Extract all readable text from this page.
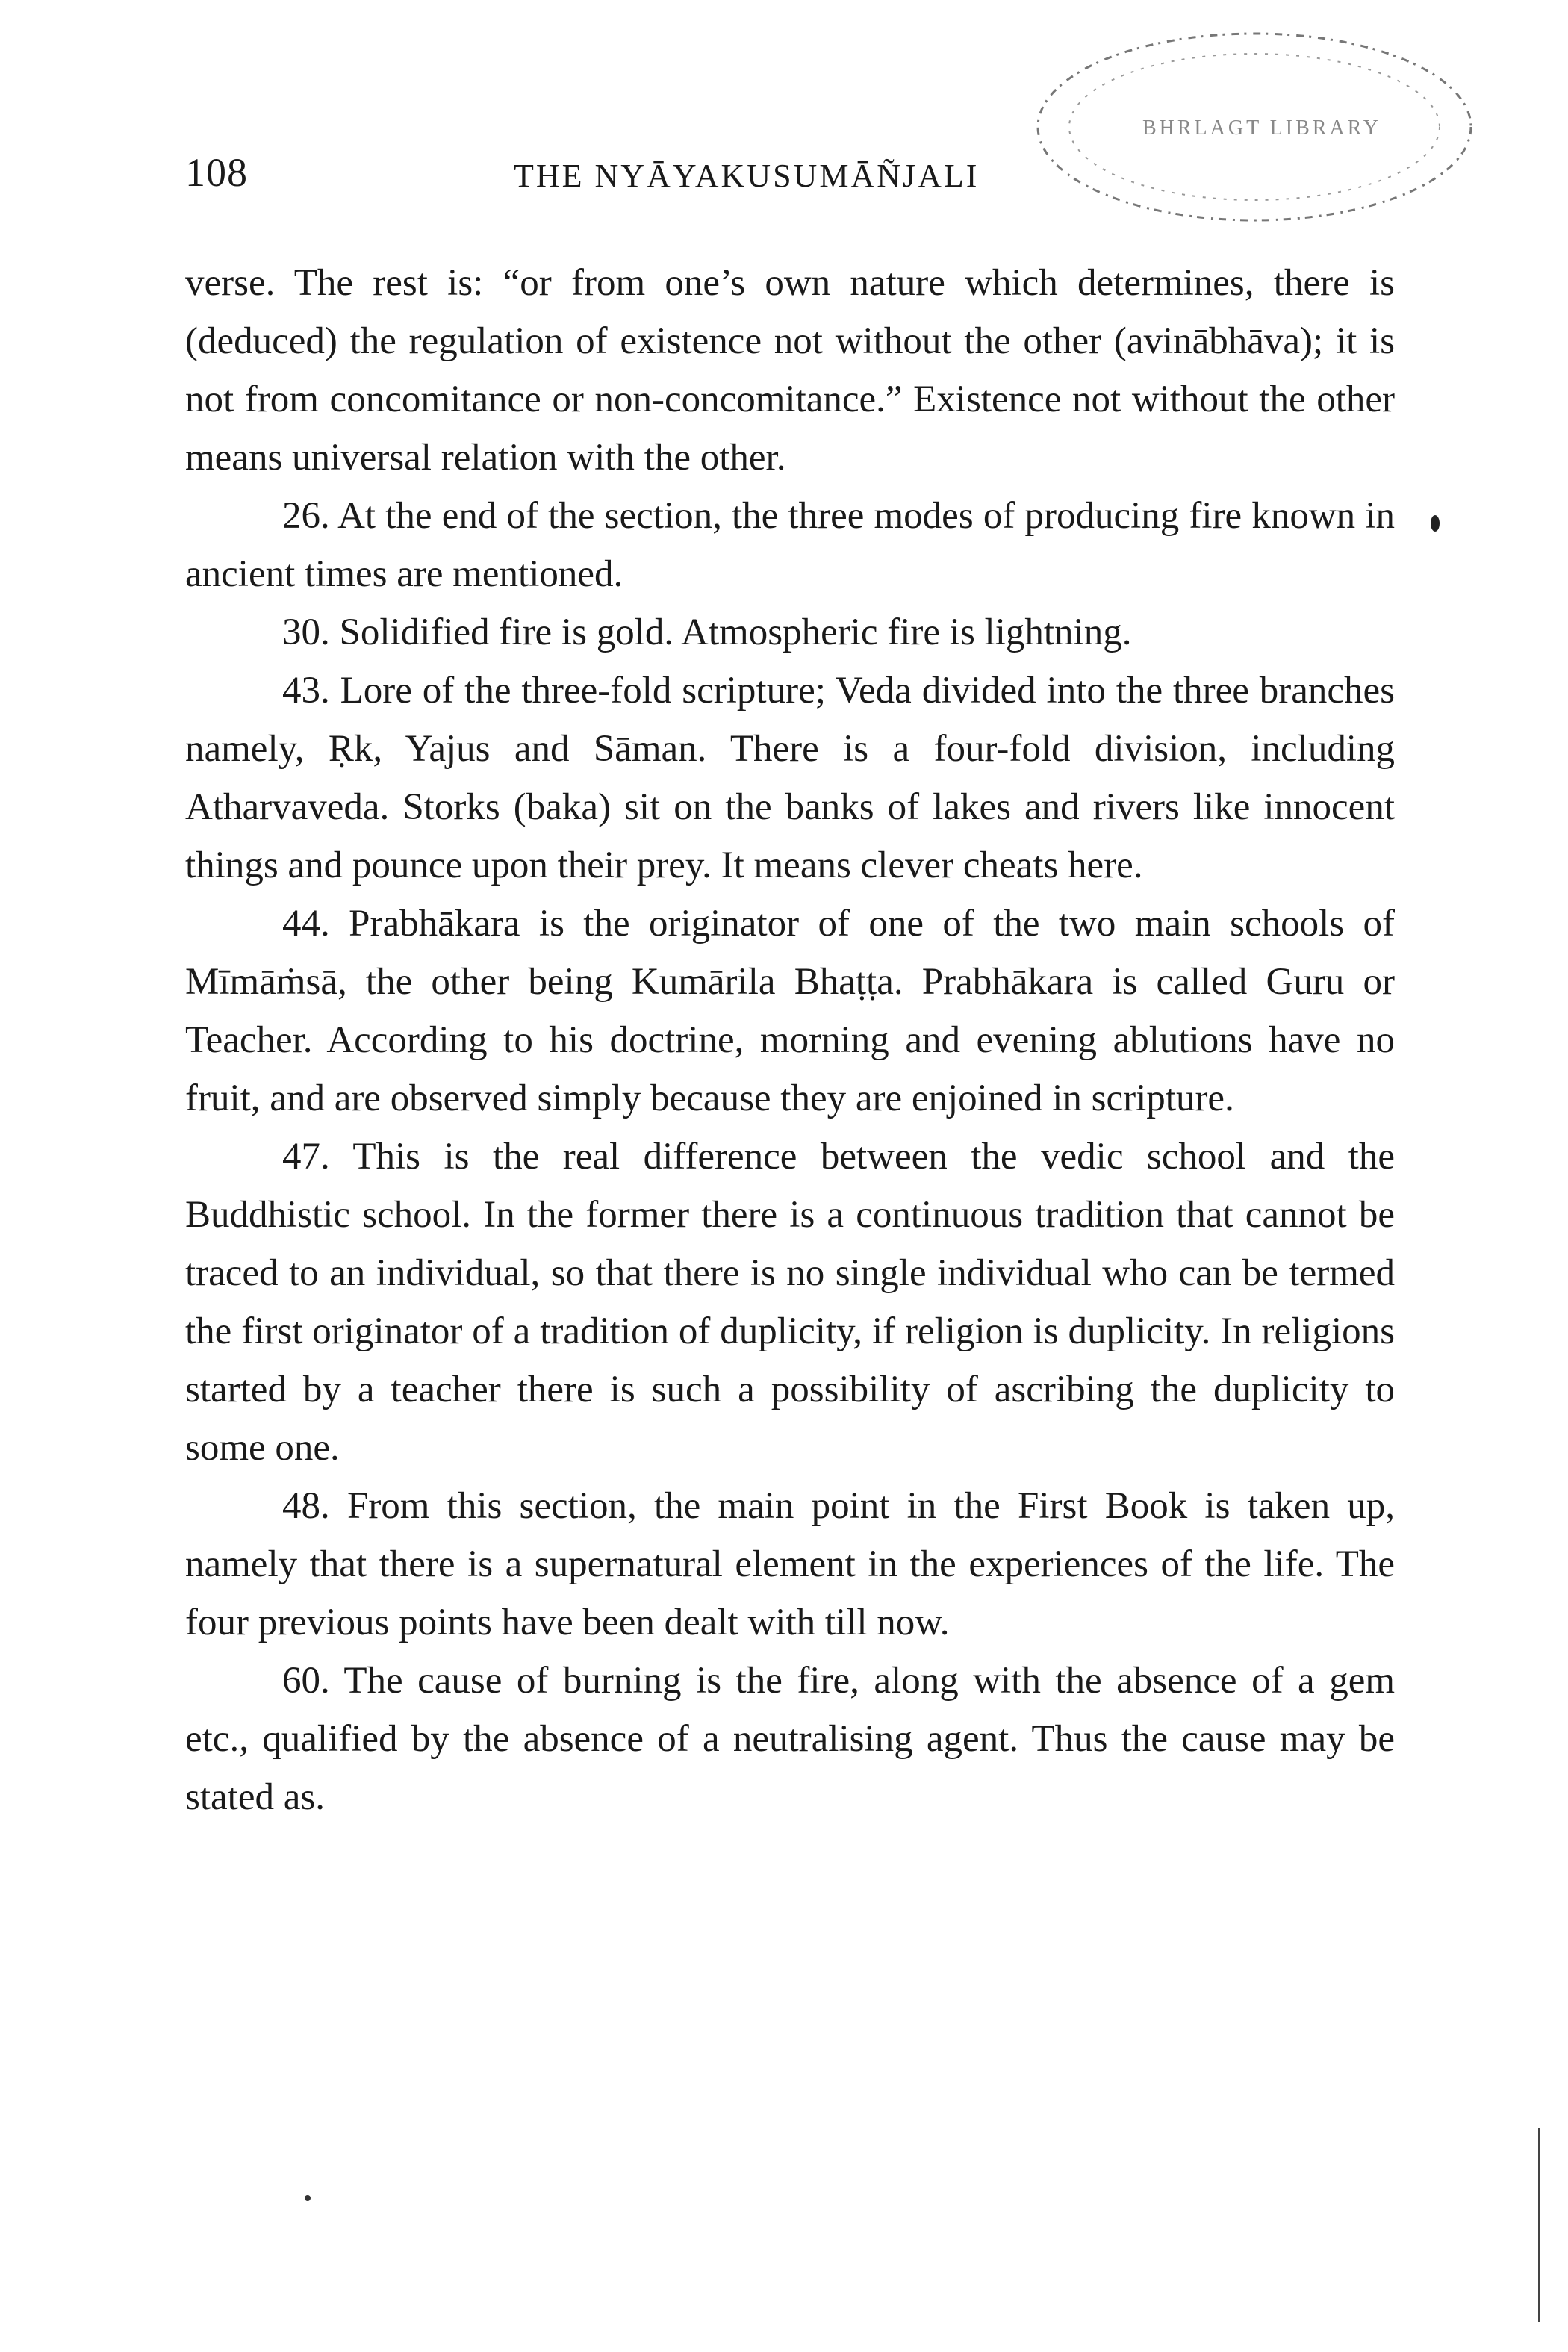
108	THE NYĀYAKUSUMĀÑJALI
BHRLAGT LIBRARY

verse. The rest is: “or from one’s own nature which determines, there is (deduced) the regulation of existence not without the other (avinābhāva); it is not from concomitance or non-concomitance.” Existence not without the other means universal relation with the other.

26. At the end of the section, the three modes of producing fire known in ancient times are mentioned.

30. Solidified fire is gold. Atmospheric fire is lightning.

43. Lore of the three-fold scripture; Veda divided into the three branches namely, Ṛk, Yajus and Sāman. There is a four-fold division, including Atharvaveda. Storks (baka) sit on the banks of lakes and rivers like innocent things and pounce upon their prey. It means clever cheats here.

44. Prabhākara is the originator of one of the two main schools of Mīmāṁsā, the other being Kumārila Bhaṭṭa. Prabhākara is called Guru or Teacher. According to his doctrine, morning and evening ablutions have no fruit, and are observed simply because they are enjoined in scripture.

47. This is the real difference between the vedic school and the Buddhistic school. In the former there is a continuous tradition that cannot be traced to an individual, so that there is no single individual who can be termed the first originator of a tradition of duplicity, if religion is duplicity. In religions started by a teacher there is such a possibility of ascribing the duplicity to some one.

48. From this section, the main point in the First Book is taken up, namely that there is a supernatural element in the experiences of the life. The four previous points have been dealt with till now.

60. The cause of burning is the fire, along with the absence of a gem etc., qualified by the absence of a neutralising agent. Thus the cause may be stated as.
